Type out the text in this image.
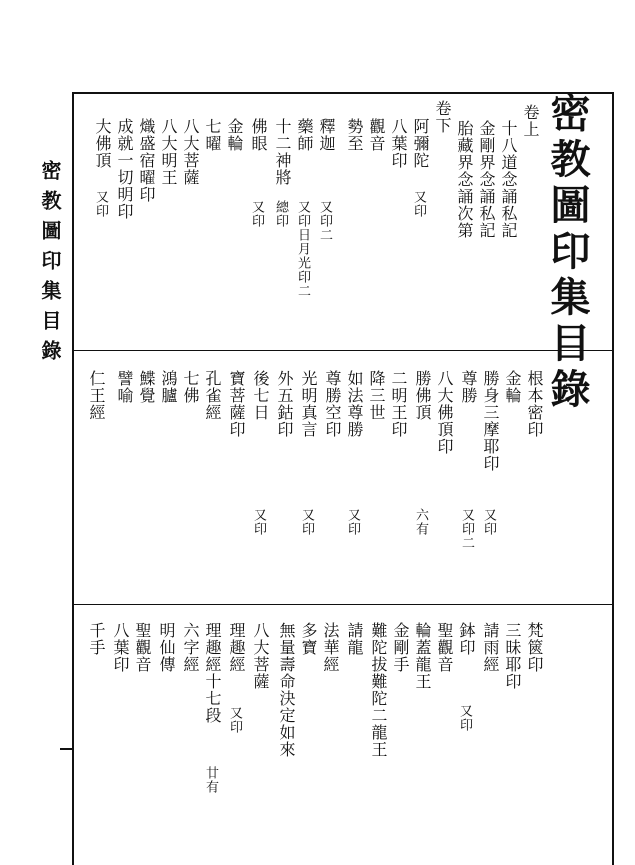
密教圖印集目錄	密教圖印集目錄
卷上
十八道念誦私記
金剛界念誦私記
胎藏界念誦次第
卷下
阿彌陀
又印
八葉印
觀音
勢至
釋迦
又印二
藥師
又印日月光印二
十二神將
總印
佛眼
又印
金輪
七曜
八大菩薩
八大明王
熾盛宿曜印
成就一切明印
大佛頂
又印
根本密印
金輪
勝身三摩耶印
又印
尊勝
又印二
八大佛頂印
勝佛頂
六有
二明王印
降三世
如法尊勝
又印
尊勝空印
光明真言
又印
外五鈷印
後七日
又印
寶菩薩印
孔雀經
七佛
鴻臚
鰈覺
譬喻
仁王經
梵篋印
三昧耶印
請雨經
鉢印
又印
聖觀音
輪蓋龍王
金剛手
難陀拔難陀二龍王
請龍
法華經
多寶
無量壽命決定如來
八大菩薩
理趣經
又印
理趣經十七段
廿有
六字經
明仙傳
聖觀音
八葉印
千手
